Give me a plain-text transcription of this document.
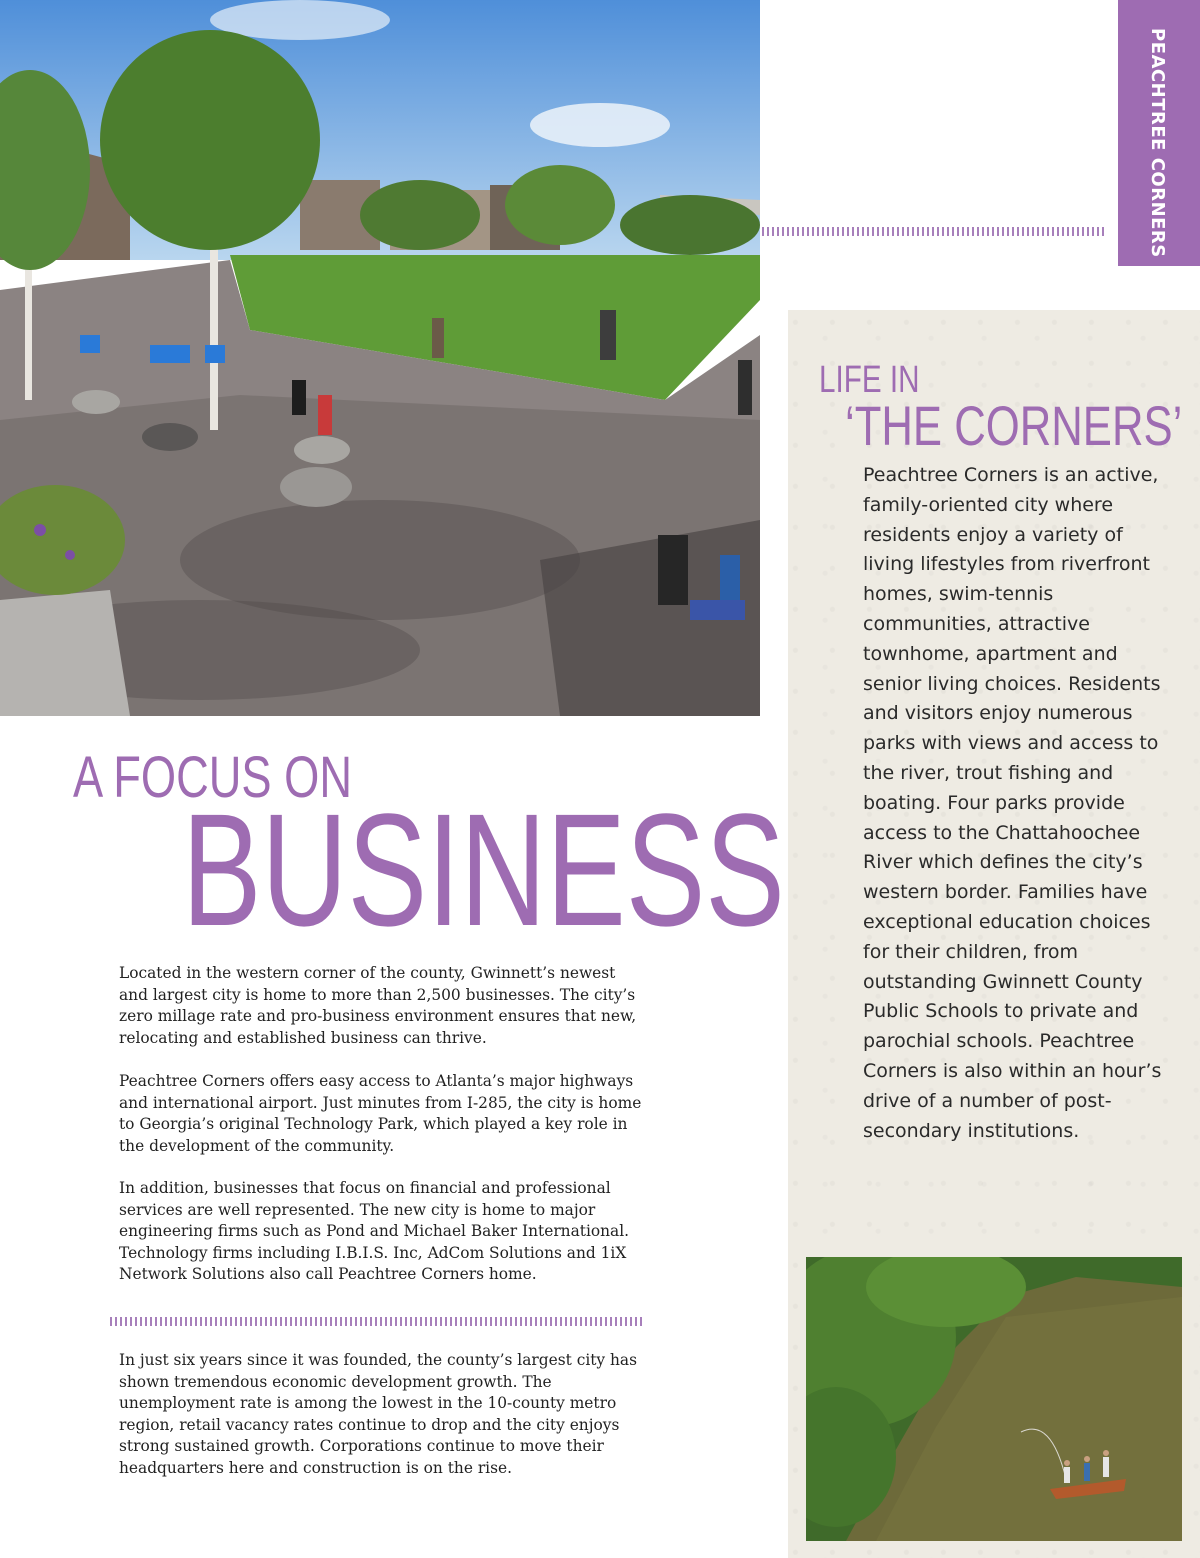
PEACHTREE CORNERS
LIFE IN
‘THE CORNERS’

Peachtree Corners is an active, family-oriented city where residents enjoy a variety of living lifestyles from riverfront homes, swim-tennis communities, attractive townhome, apartment and senior living choices. Residents and visitors enjoy numerous parks with views and access to the river, trout fishing and boating. Four parks provide access to the Chattahoochee River which defines the city’s western border. Families have exceptional education choices for their children, from outstanding Gwinnett County Public Schools to private and parochial schools. Peachtree Corners is also within an hour’s drive of a number of post-secondary institutions.

A FOCUS ON
BUSINESS

Located in the western corner of the county, Gwinnett’s newest and largest city is home to more than 2,500 businesses. The city’s zero millage rate and pro-business environment ensures that new, relocating and established business can thrive.

Peachtree Corners offers easy access to Atlanta’s major highways and international airport. Just minutes from I-285, the city is home to Georgia’s original Technology Park, which played a key role in the development of the community.

In addition, businesses that focus on financial and professional services are well represented. The new city is home to major engineering firms such as Pond and Michael Baker International. Technology firms including I.B.I.S. Inc, AdCom Solutions and 1iX Network Solutions also call Peachtree Corners home.

In just six years since it was founded, the county’s largest city has shown tremendous economic development growth. The unemployment rate is among the lowest in the 10-county metro region, retail vacancy rates continue to drop and the city enjoys strong sustained growth. Corporations continue to move their headquarters here and construction is on the rise.
